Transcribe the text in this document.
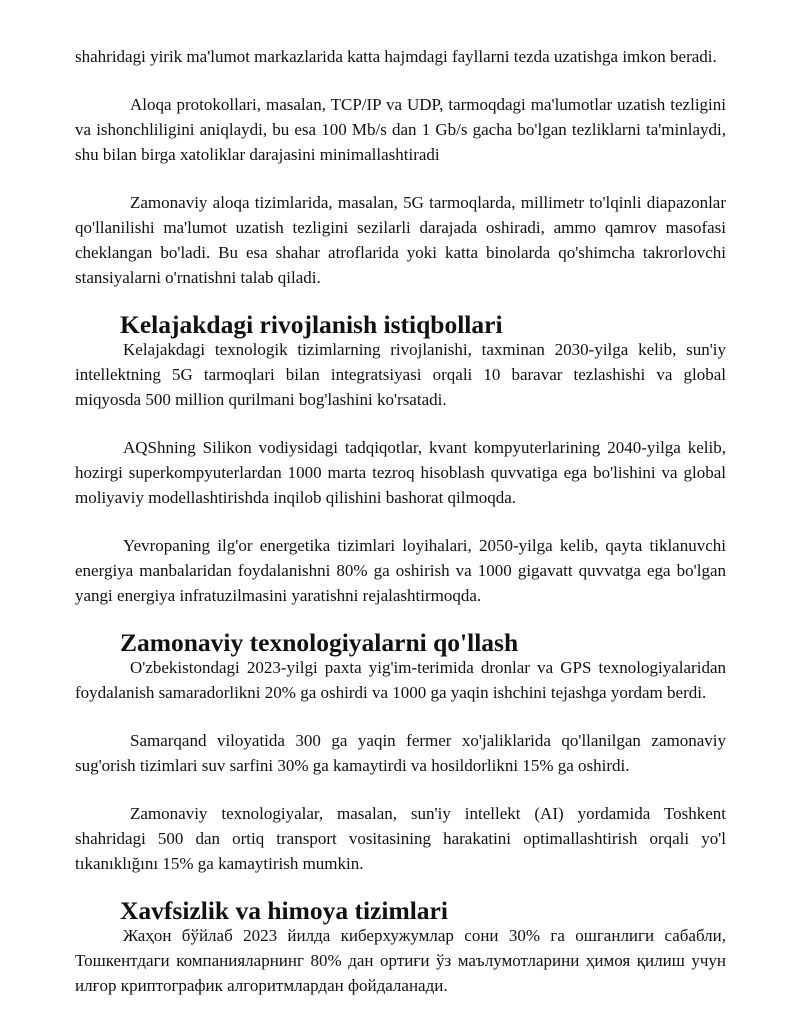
shahridagi yirik ma'lumot markazlarida katta hajmdagi fayllarni tezda uzatishga imkon beradi.

Aloqa protokollari, masalan, TCP/IP va UDP, tarmoqdagi ma'lumotlar uzatish tezligini va ishonchliligini aniqlaydi, bu esa 100 Mb/s dan 1 Gb/s gacha bo'lgan tezliklarni ta'minlaydi, shu bilan birga xatoliklar darajasini minimallashtiradi

Zamonaviy aloqa tizimlarida, masalan, 5G tarmoqlarda, millimetr to'lqinli diapazonlar qo'llanilishi ma'lumot uzatish tezligini sezilarli darajada oshiradi, ammo qamrov masofasi cheklangan bo'ladi. Bu esa shahar atroflarida yoki katta binolarda qo'shimcha takrorlovchi stansiyalarni o'rnatishni talab qiladi.

Kelajakdagi rivojlanish istiqbollari

Kelajakdagi texnologik tizimlarning rivojlanishi, taxminan 2030-yilga kelib, sun'iy intellektning 5G tarmoqlari bilan integratsiyasi orqali 10 baravar tezlashishi va global miqyosda 500 million qurilmani bog'lashini ko'rsatadi.

AQShning Silikon vodiysidagi tadqiqotlar, kvant kompyuterlarining 2040-yilga kelib, hozirgi superkompyuterlardan 1000 marta tezroq hisoblash quvvatiga ega bo'lishini va global moliyaviy modellashtirishda inqilob qilishini bashorat qilmoqda.

Yevropaning ilg'or energetika tizimlari loyihalari, 2050-yilga kelib, qayta tiklanuvchi energiya manbalaridan foydalanishni 80% ga oshirish va 1000 gigavatt quvvatga ega bo'lgan yangi energiya infratuzilmasini yaratishni rejalashtirmoqda.

Zamonaviy texnologiyalarni qo'llash

O'zbekistondagi 2023-yilgi paxta yig'im-terimida dronlar va GPS texnologiyalaridan foydalanish samaradorlikni 20% ga oshirdi va 1000 ga yaqin ishchini tejashga yordam berdi.

Samarqand viloyatida 300 ga yaqin fermer xo'jaliklarida qo'llanilgan zamonaviy sug'orish tizimlari suv sarfini 30% ga kamaytirdi va hosildorlikni 15% ga oshirdi.

Zamonaviy texnologiyalar, masalan, sun'iy intellekt (AI) yordamida Toshkent shahridagi 500 dan ortiq transport vositasining harakatini optimallashtirish orqali yo'l tıkanıklığını 15% ga kamaytirish mumkin.

Xavfsizlik va himoya tizimlari

Жаҳон бўйлаб 2023 йилда киберхужумлар сони 30% га ошганлиги сабабли, Тошкентдаги компанияларнинг 80% дан ортиғи ўз маълумотларини ҳимоя қилиш учун илғор криптографик алгоритмлардан фойдаланади.
